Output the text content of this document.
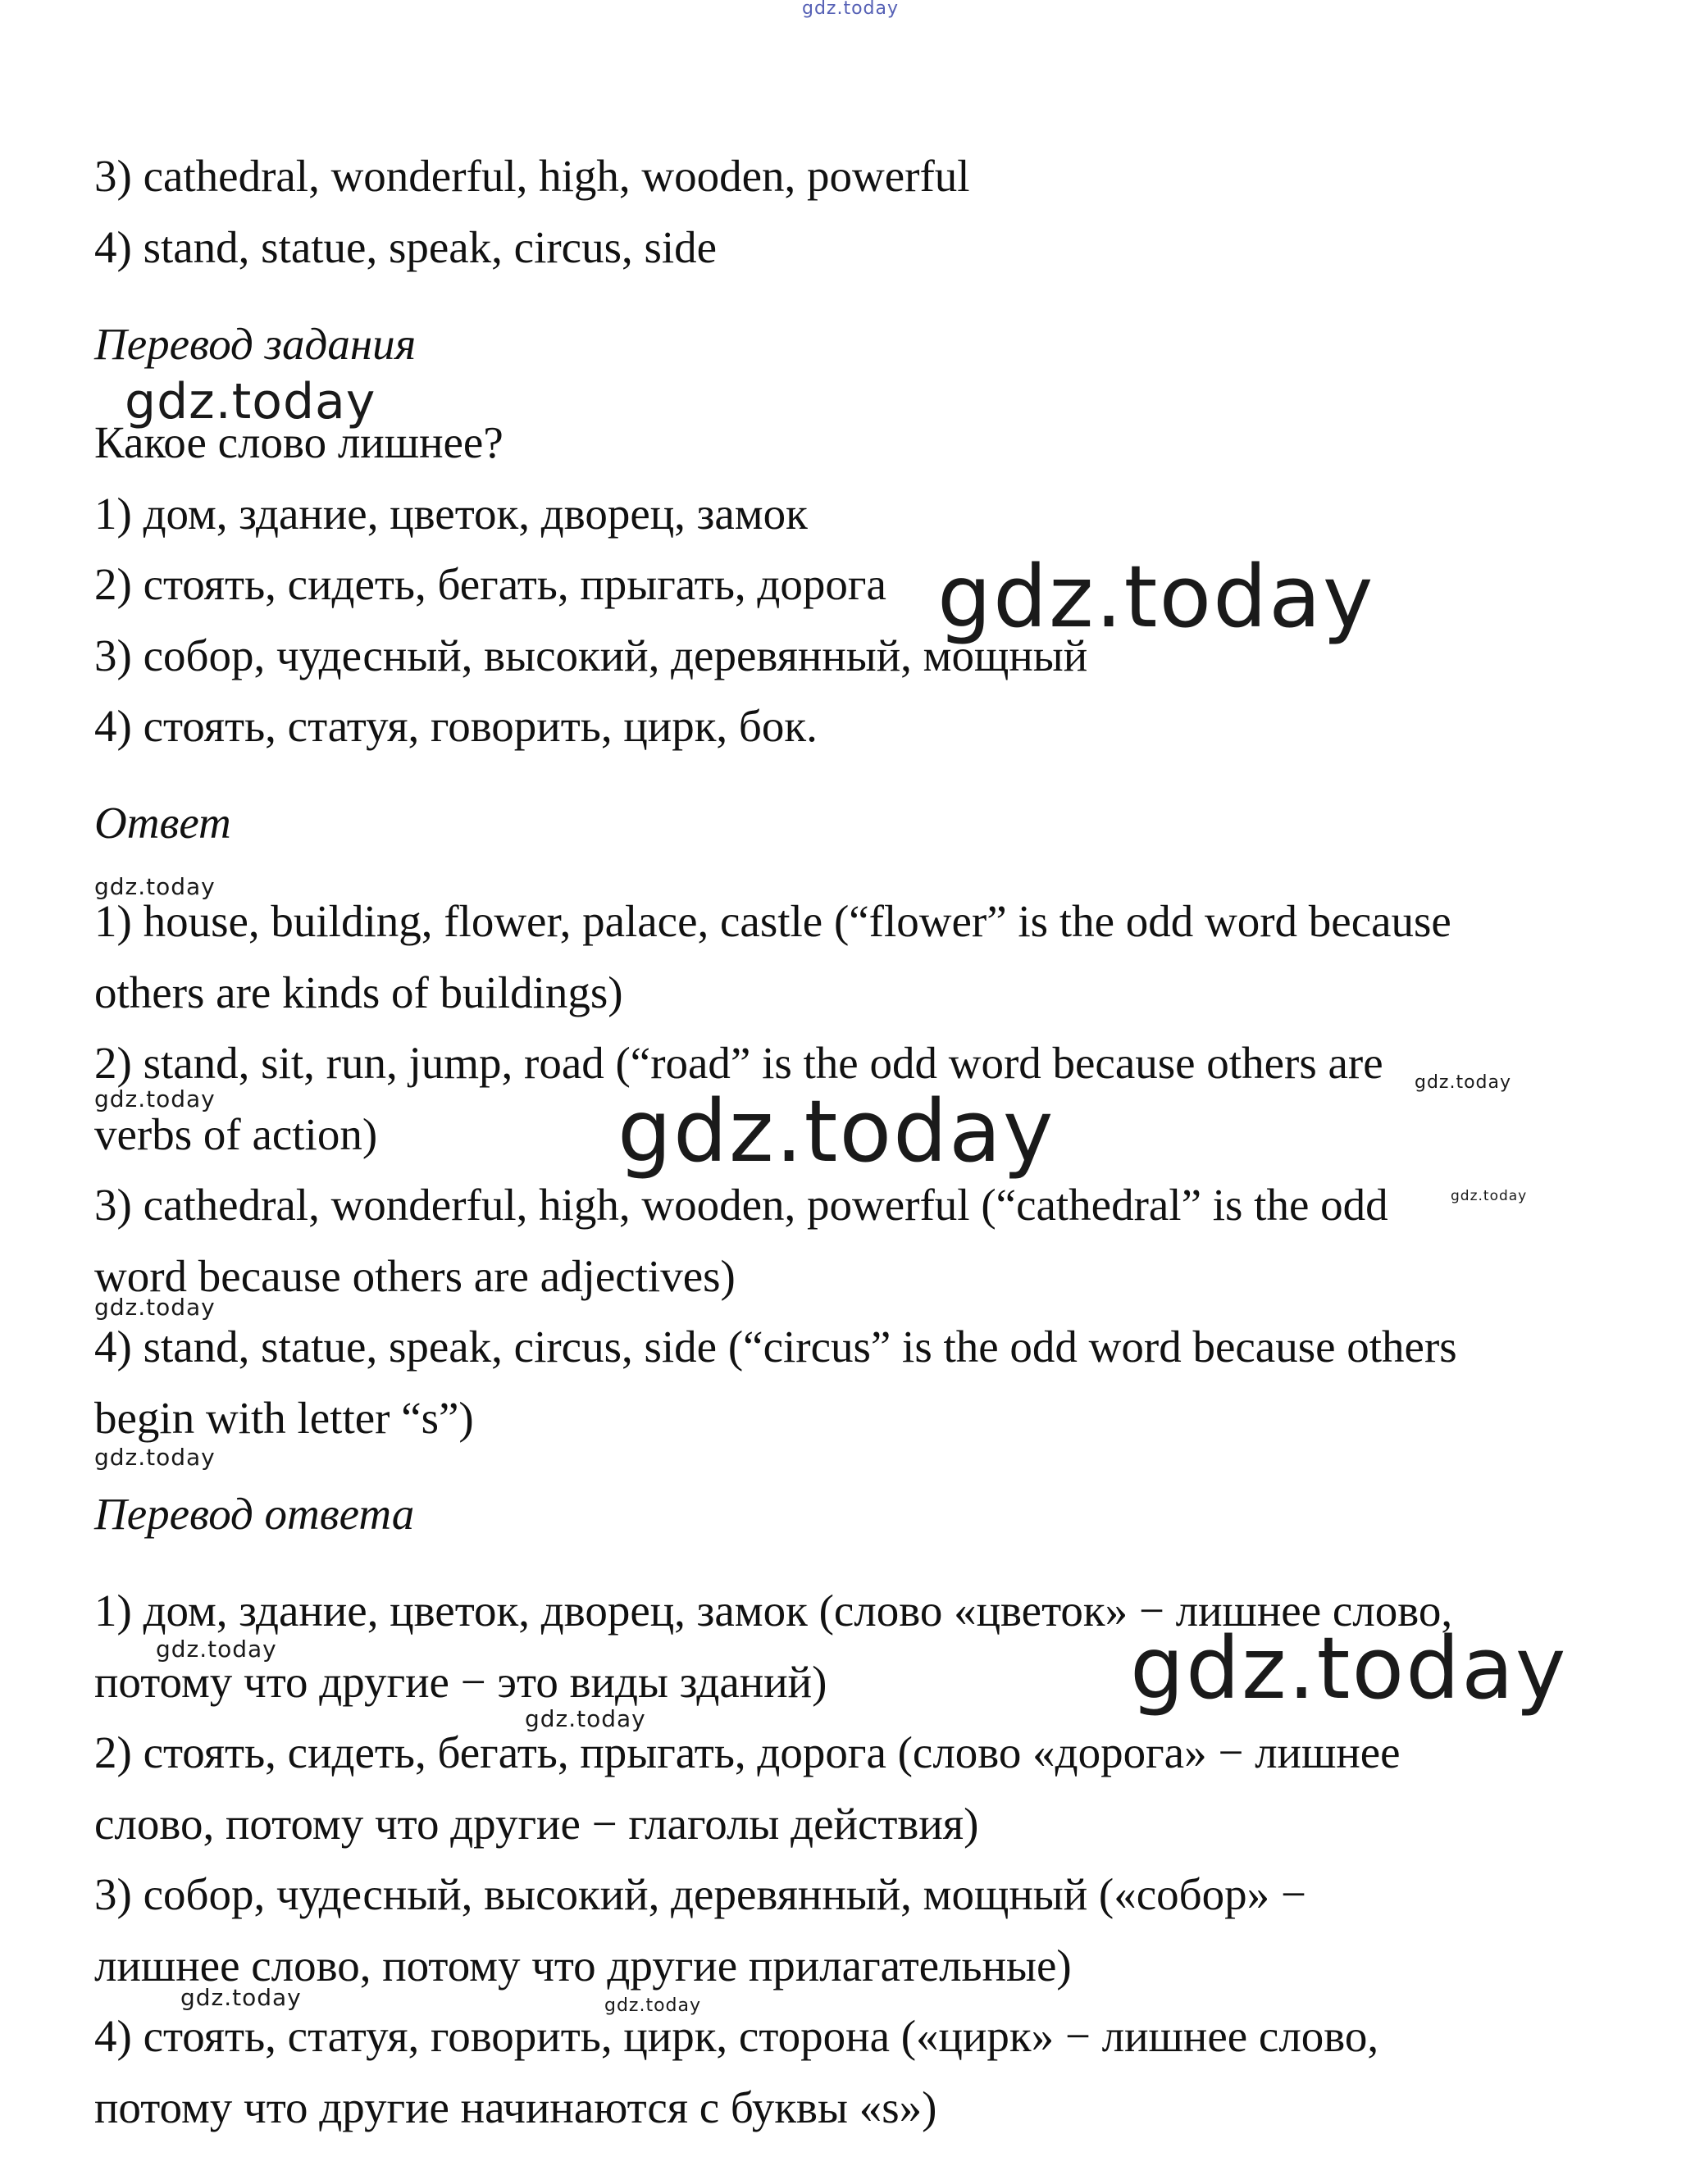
gdz.today
3) cathedral, wonderful, high, wooden, powerful
4) stand, statue, speak, circus, side
Перевод задания
gdz.today
Какое слово лишнее?
1) дом, здание, цветок, дворец, замок
2) стоять, сидеть, бегать, прыгать, дорога gdz.today
3) собор, чудесный, высокий, деревянный, мощный
4) стоять, статуя, говорить, цирк, бок.
Ответ
gdz.today
1) house, building, flower, palace, castle (“flower” is the odd word because
others are kinds of buildings)
2) stand, sit, run, jump, road (“road” is the odd word because others are gdz.today
gdz.today	gdz.today
verbs of action)
3) cathedral, wonderful, high, wooden, powerful (“cathedral” is the odd	gdz.today
word because others are adjectives)
gdz.today
4) stand, statue, speak, circus, side (“circus” is the odd word because others
begin with letter “s”)
gdz.today
Перевод ответа
1) дом, здание, цветок, дворец, замок (слово «цветок» − лишнее слово,
gdz.today	gdz.today
потому что другие − это виды зданий)
gdz.today
2) стоять, сидеть, бегать, прыгать, дорога (слово «дорога» − лишнее
слово, потому что другие − глаголы действия)
3) собор, чудесный, высокий, деревянный, мощный («собор» −
лишнее слово, потому что другие прилагательные)
gdz.today	gdz.today
4) стоять, статуя, говорить, цирк, сторона («цирк» − лишнее слово,
потому что другие начинаются с буквы «s»)
